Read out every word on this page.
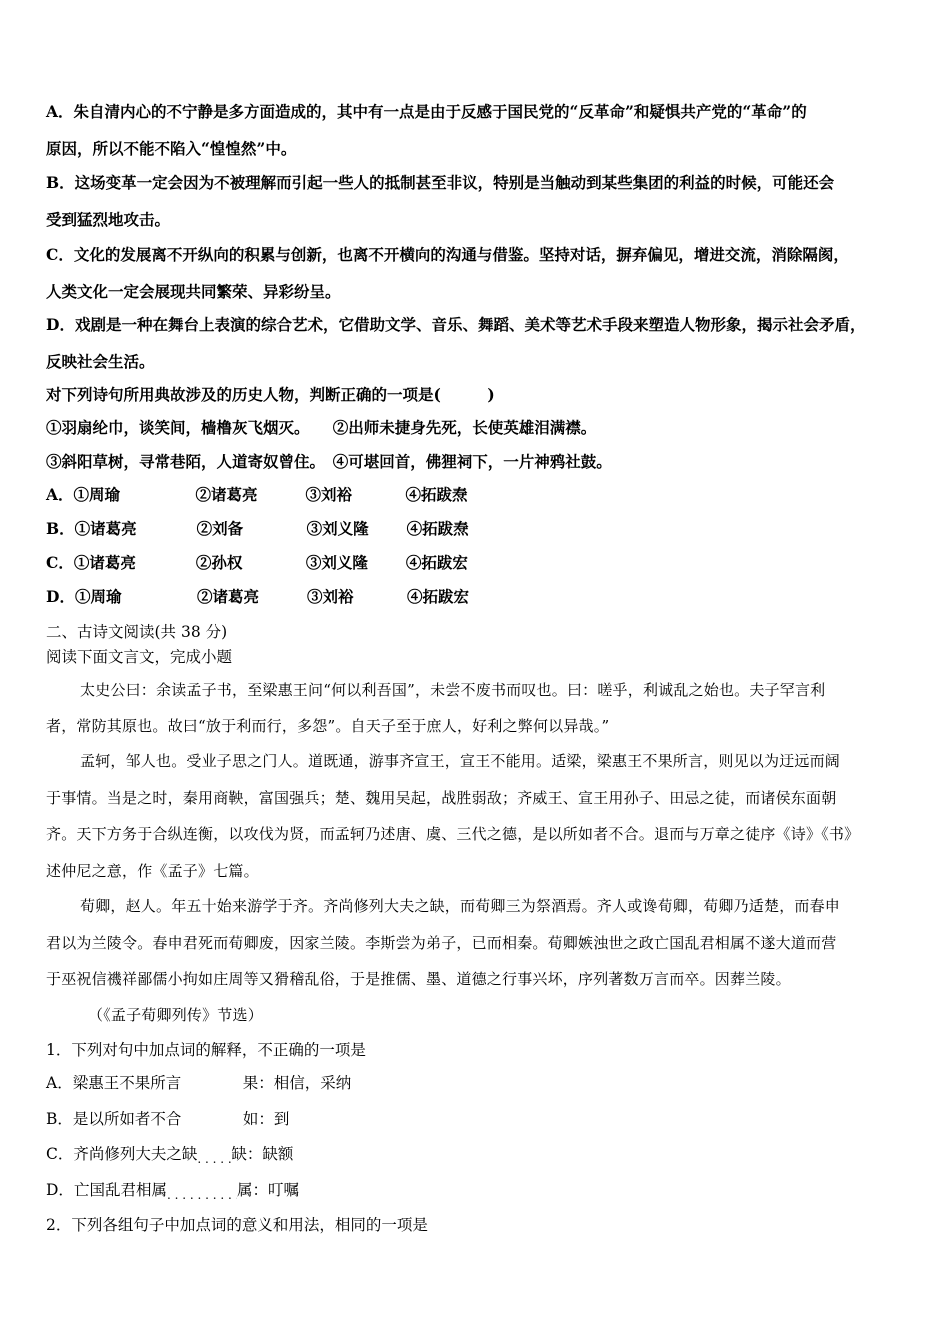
A．朱自清内心的不宁静是多方面造成的，其中有一点是由于反感于国民党的“反革命”和疑惧共产党的“革命”的
原因，所以不能不陷入“惶惶然”中。
B．这场变革一定会因为不被理解而引起一些人的抵制甚至非议，特别是当触动到某些集团的利益的时候，可能还会
受到猛烈地攻击。
C．文化的发展离不开纵向的积累与创新，也离不开横向的沟通与借鉴。坚持对话，摒弃偏见，增进交流，消除隔阂，
人类文化一定会展现共同繁荣、异彩纷呈。
D．戏剧是一种在舞台上表演的综合艺术，它借助文学、音乐、舞蹈、美术等艺术手段来塑造人物形象，揭示社会矛盾，
反映社会生活。
对下列诗句所用典故涉及的历史人物，判断正确的一项是(　　　)
①羽扇纶巾，谈笑间，樯橹灰飞烟灭。　　②出师未捷身先死，长使英雄泪满襟。
③斜阳草树，寻常巷陌，人道寄奴曾住。　④可堪回首，佛狸祠下，一片神鸦社鼓。
A．①周瑜	②诸葛亮	③刘裕	④拓跋焘
B．①诸葛亮	②刘备	③刘义隆 ④拓跋焘
C．①诸葛亮	②孙权	③刘义隆 ④拓跋宏
D．①周瑜	②诸葛亮	③刘裕	④拓跋宏
二、古诗文阅读(共 38 分)
阅读下面文言文，完成小题
太史公曰：余读孟子书，至梁惠王问“何以利吾国”，未尝不废书而叹也。曰：嗟乎，利诚乱之始也。夫子罕言利
者，常防其原也。故曰“放于利而行，多怨”。自天子至于庶人，好利之弊何以异哉。”
孟轲，邹人也。受业子思之门人。道既通，游事齐宣王，宣王不能用。适梁，梁惠王不果所言，则见以为迂远而阔
于事情。当是之时，秦用商鞅，富国强兵；楚、魏用吴起，战胜弱敌；齐威王、宣王用孙子、田忌之徒，而诸侯东面朝
齐。天下方务于合纵连衡，以攻伐为贤，而孟轲乃述唐、虞、三代之德，是以所如者不合。退而与万章之徒序《诗》《书》
述仲尼之意，作《孟子》七篇。
荀卿，赵人。年五十始来游学于齐。齐尚修列大夫之缺，而荀卿三为祭酒焉。齐人或谗荀卿，荀卿乃适楚，而春申
君以为兰陵令。春申君死而荀卿废，因家兰陵。李斯尝为弟子，已而相秦。荀卿嫉浊世之政亡国乱君相属不遂大道而营
于巫祝信禨祥鄙儒小拘如庄周等又猾稽乱俗，于是推儒、墨、道德之行事兴坏，序列著数万言而卒。因葬兰陵。
（《孟子荀卿列传》节选）
1．下列对句中加点词的解释，不正确的一项是
A．梁惠王不果所言	果：相信，采纳
B．是以所如者不合	如：到
C．齐尚修列大夫之缺 . . . 缺：缺额
D．亡国乱君相属 . . .	属：叮嘱
2．下列各组句子中加点词的意义和用法，相同的一项是
